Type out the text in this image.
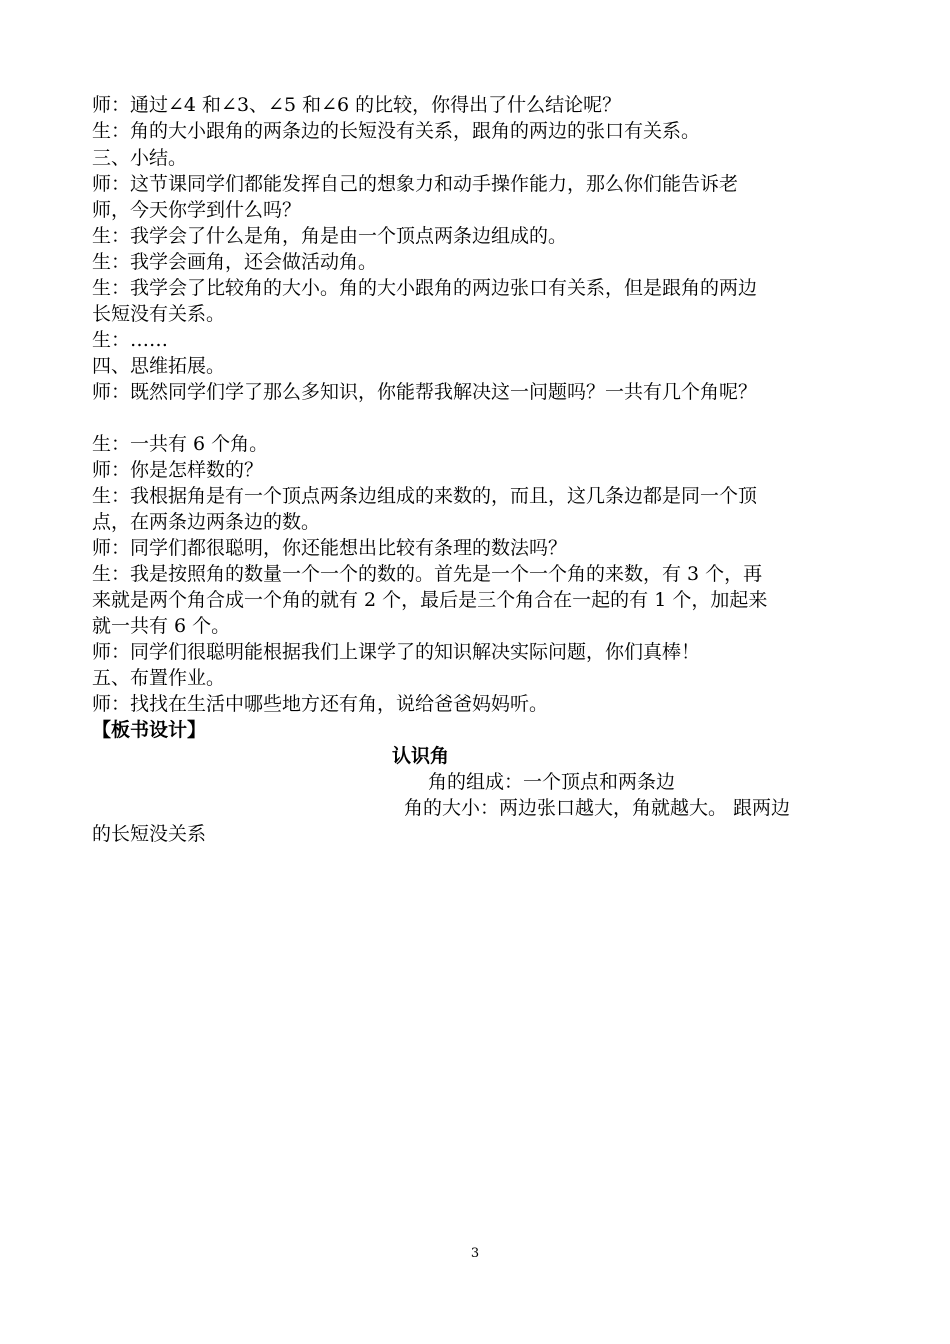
师：通过∠4 和∠3、∠5 和∠6 的比较，你得出了什么结论呢？
生：角的大小跟角的两条边的长短没有关系，跟角的两边的张口有关系。
三、小结。
师：这节课同学们都能发挥自己的想象力和动手操作能力，那么你们能告诉老
师，今天你学到什么吗？
生：我学会了什么是角，角是由一个顶点两条边组成的。
生：我学会画角，还会做活动角。
生：我学会了比较角的大小。角的大小跟角的两边张口有关系，但是跟角的两边
长短没有关系。
生：……
四、思维拓展。
师：既然同学们学了那么多知识，你能帮我解决这一问题吗？一共有几个角呢？
生：一共有 6 个角。
师：你是怎样数的？
生：我根据角是有一个顶点两条边组成的来数的，而且，这几条边都是同一个顶
点，在两条边两条边的数。
师：同学们都很聪明，你还能想出比较有条理的数法吗？
生：我是按照角的数量一个一个的数的。首先是一个一个角的来数，有 3 个，再
来就是两个角合成一个角的就有 2 个，最后是三个角合在一起的有 1 个，加起来
就一共有 6 个。
师：同学们很聪明能根据我们上课学了的知识解决实际问题，你们真棒！
五、布置作业。
师：找找在生活中哪些地方还有角，说给爸爸妈妈听。
【板书设计】
认识角
角的组成：一个顶点和两条边
角的大小：两边张口越大，角就越大。 跟两边
的长短没关系
3
